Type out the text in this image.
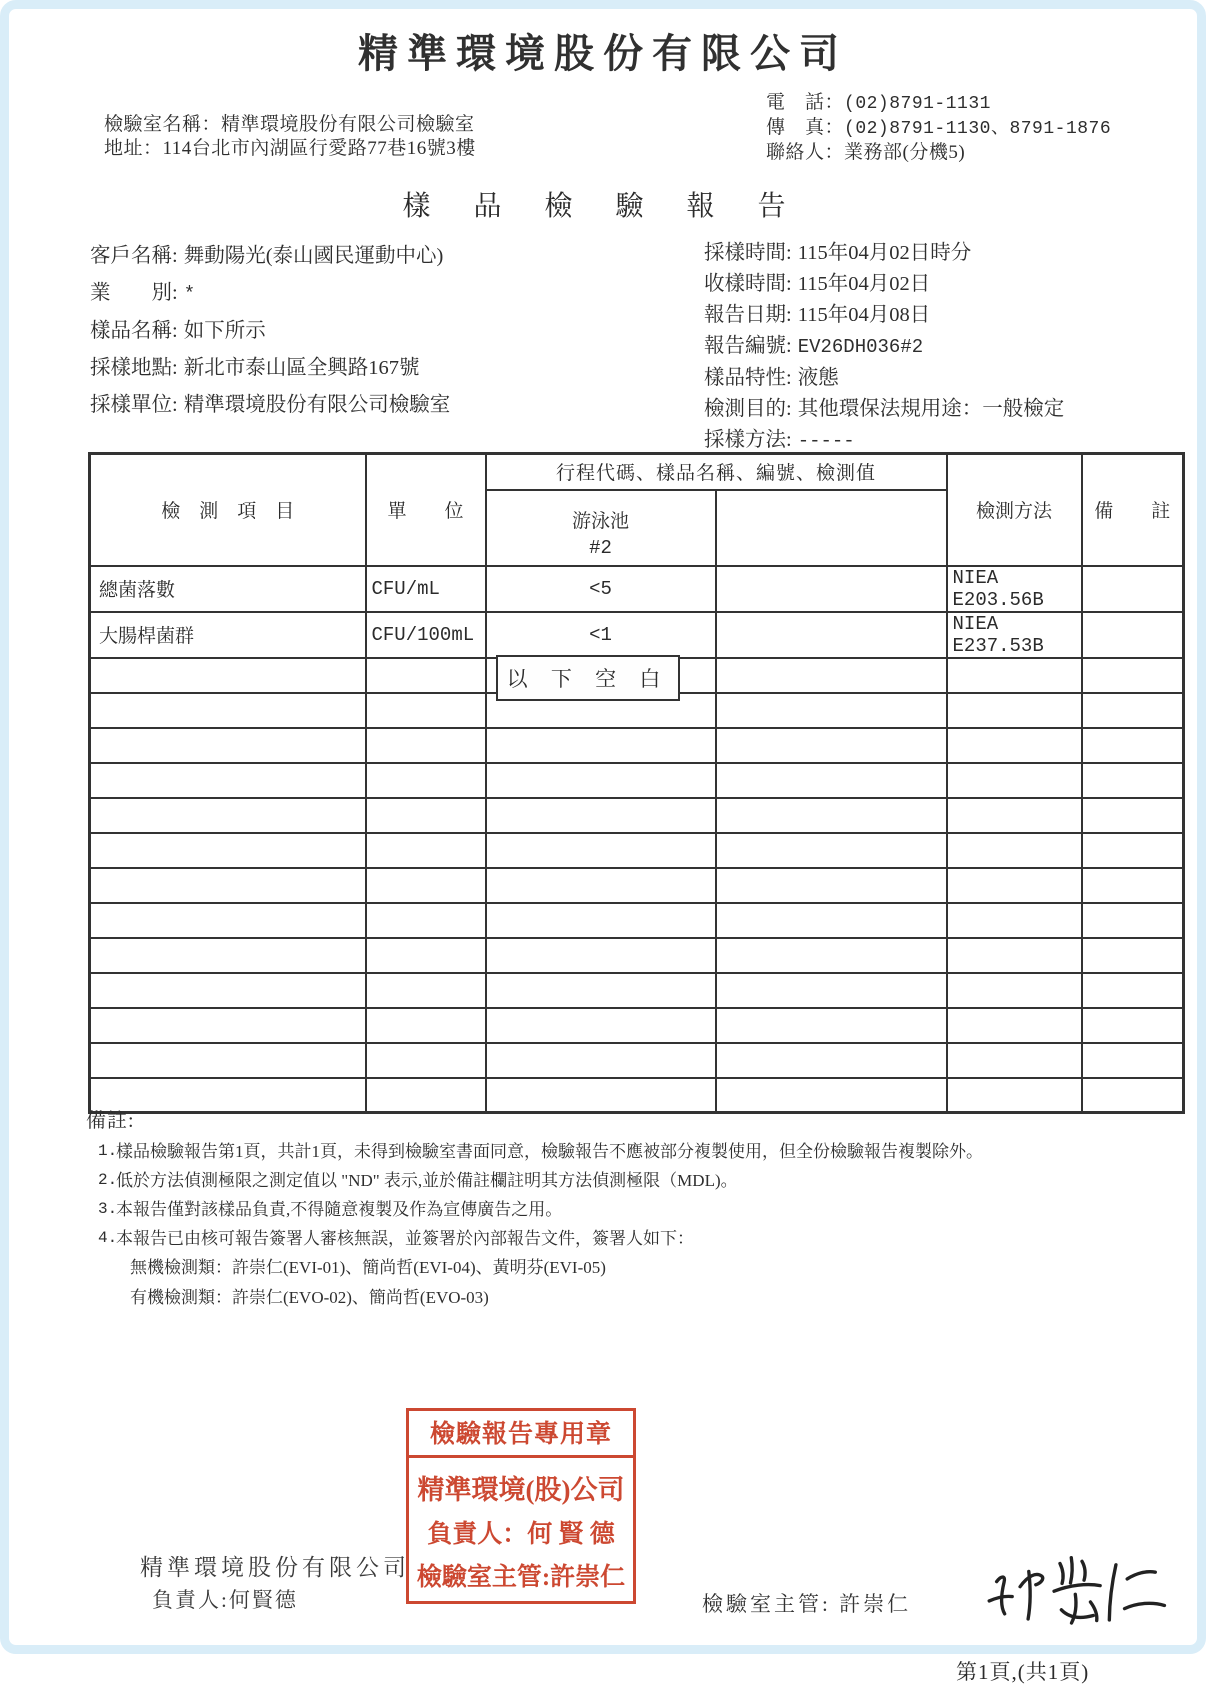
精準環境股份有限公司
檢驗室名稱：精準環境股份有限公司檢驗室
地址：114台北市內湖區行愛路77巷16號3樓
電　話：(02)8791-1131
傳　真：(02)8791-1130、8791-1876
聯絡人：業務部(分機5)
樣 品 檢 驗 報 告
客戶名稱: 舞動陽光(泰山國民運動中心)
業　　別: *
樣品名稱: 如下所示
採樣地點: 新北市泰山區全興路167號
採樣單位: 精準環境股份有限公司檢驗室
採樣時間: 115年04月02日時分
收樣時間: 115年04月02日
報告日期: 115年04月08日
報告編號: EV26DH036#2
樣品特性: 液態
檢測目的: 其他環保法規用途：一般檢定
採樣方法: -----
檢　測　項　目	單　　位	行程代碼、樣品名稱、編號、檢測值		檢測方法	備　　註

		游泳池
#2			

總菌落數	CFU/mL	<5		NIEA E203.56B	
大腸桿菌群	CFU/100mL	<1		NIEA E237.53B	

以 下 空 白
備註:
1.
樣品檢驗報告第1頁，共計1頁，未得到檢驗室書面同意，檢驗報告不應被部分複製使用，但全份檢驗報告複製除外。
2.
低於方法偵測極限之測定值以 "ND" 表示,並於備註欄註明其方法偵測極限（MDL)。
3.
本報告僅對該樣品負責,不得隨意複製及作為宣傳廣告之用。
4.
本報告已由核可報告簽署人審核無誤，並簽署於內部報告文件，簽署人如下：
無機檢測類：許崇仁(EVI-01)、簡尚哲(EVI-04)、黃明芬(EVI-05)
有機檢測類：許崇仁(EVO-02)、簡尚哲(EVO-03)
檢驗報告專用章
精準環境(股)公司
負責人：何 賢 德
檢驗室主管:許崇仁
精準環境股份有限公司
負責人:何賢德	檢驗室主管: 許崇仁
第1頁,(共1頁)
